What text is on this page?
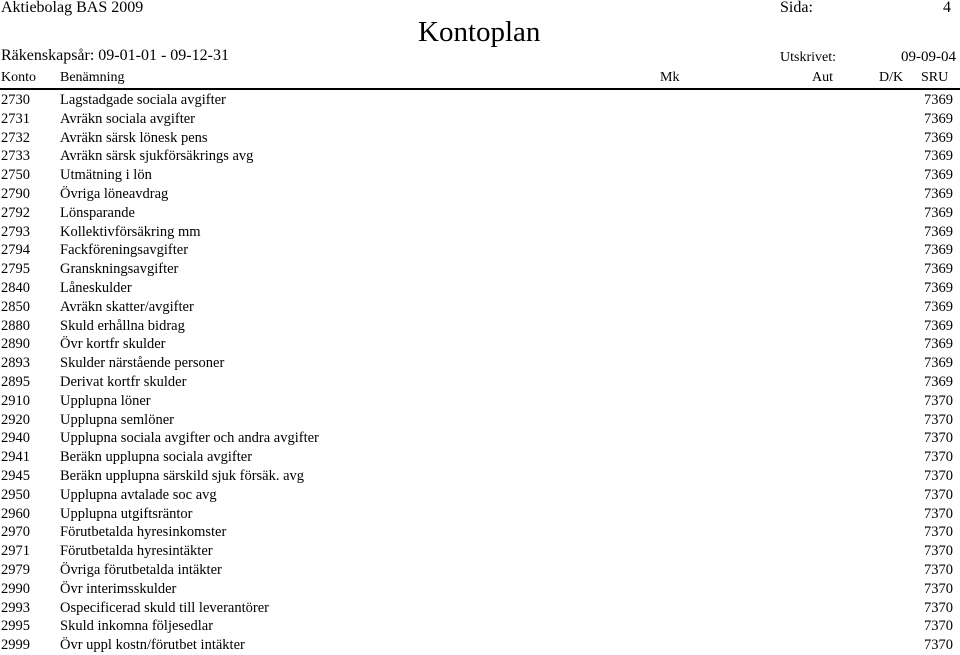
Aktiebolag BAS 2009	Sida:	4
Kontoplan
Räkenskapsår: 09-01-01 - 09-12-31	Utskrivet:	09-09-04
Konto Benämning	Mk	Aut	D/K SRU
2730 Lagstadgade sociala avgifter	7369
2731 Avräkn sociala avgifter	7369
2732 Avräkn särsk lönesk pens	7369
2733 Avräkn särsk sjukförsäkrings avg	7369
2750 Utmätning i lön	7369
2790 Övriga löneavdrag	7369
2792 Lönsparande	7369
2793 Kollektivförsäkring mm	7369
2794 Fackföreningsavgifter	7369
2795 Granskningsavgifter	7369
2840 Låneskulder	7369
2850 Avräkn skatter/avgifter	7369
2880 Skuld erhållna bidrag	7369
2890 Övr kortfr skulder	7369
2893 Skulder närstående personer	7369
2895 Derivat kortfr skulder	7369
2910 Upplupna löner	7370
2920 Upplupna semlöner	7370
2940 Upplupna sociala avgifter och andra avgifter	7370
2941 Beräkn upplupna sociala avgifter	7370
2945 Beräkn upplupna särskild sjuk försäk. avg	7370
2950 Upplupna avtalade soc avg	7370
2960 Upplupna utgiftsräntor	7370
2970 Förutbetalda hyresinkomster	7370
2971 Förutbetalda hyresintäkter	7370
2979 Övriga förutbetalda intäkter	7370
2990 Övr interimsskulder	7370
2993 Ospecificerad skuld till leverantörer	7370
2995 Skuld inkomna följesedlar	7370
2999 Övr uppl kostn/förutbet intäkter	7370
